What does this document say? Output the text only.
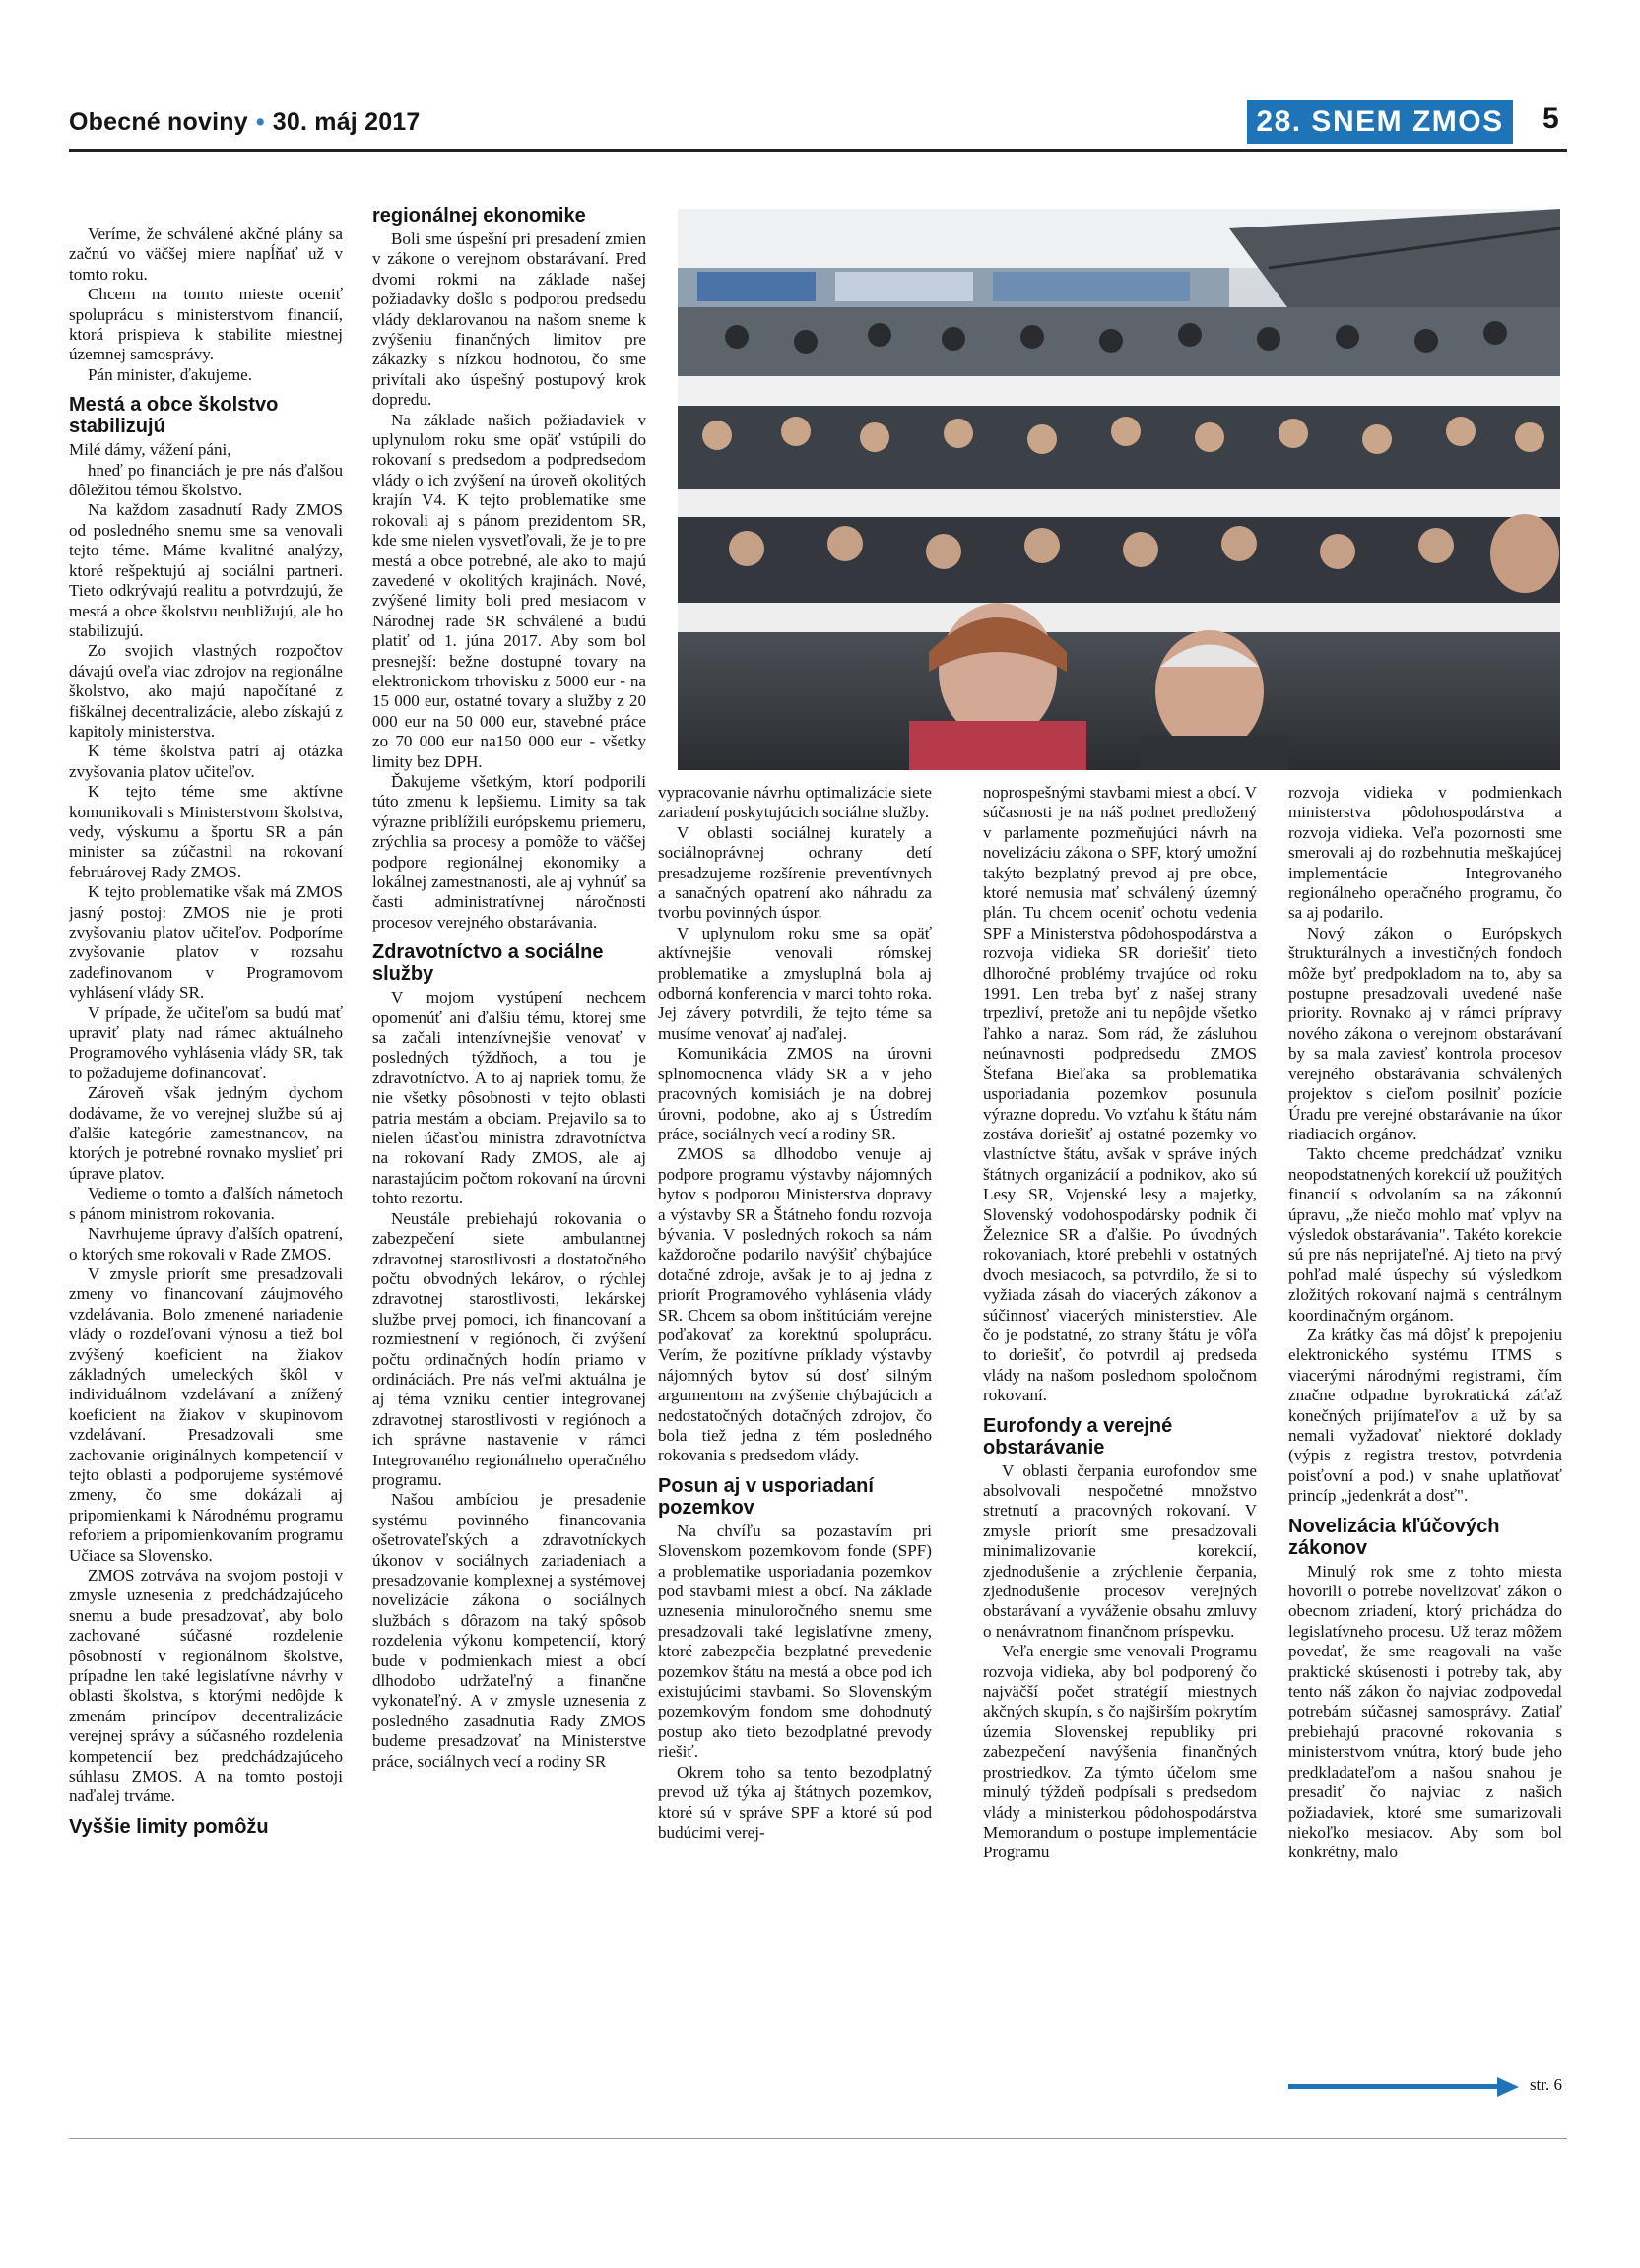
Obecné noviny • 30. máj 2017	28. SNEM ZMOS	5

Veríme, že schválené akčné plány sa začnú vo väčšej miere napĺňať už v tomto roku.

Chcem na tomto mieste oceniť spoluprácu s ministerstvom financií, ktorá prispieva k stabilite miestnej územnej samosprávy.

Pán minister, ďakujeme.

Mestá a obce školstvo stabilizujú

Milé dámy, vážení páni,

hneď po financiách je pre nás ďalšou dôležitou témou školstvo.

Na každom zasadnutí Rady ZMOS od posledného snemu sme sa venovali tejto téme. Máme kvalitné analýzy, ktoré rešpektujú aj sociálni partneri. Tieto odkrývajú realitu a potvrdzujú, že mestá a obce školstvu neubližujú, ale ho stabilizujú.

Zo svojich vlastných rozpočtov dávajú oveľa viac zdrojov na regionálne školstvo, ako majú napočítané z fiškálnej decentralizácie, alebo získajú z kapitoly ministerstva.

K téme školstva patrí aj otázka zvyšovania platov učiteľov.

K tejto téme sme aktívne komunikovali s Ministerstvom školstva, vedy, výskumu a športu SR a pán minister sa zúčastnil na rokovaní februárovej Rady ZMOS.

K tejto problematike však má ZMOS jasný postoj: ZMOS nie je proti zvyšovaniu platov učiteľov. Podporíme zvyšovanie platov v rozsahu zadefinovanom v Programovom vyhlásení vlády SR.

V prípade, že učiteľom sa budú mať upraviť platy nad rámec aktuálneho Programového vyhlásenia vlády SR, tak to požadujeme dofinancovať.

Zároveň však jedným dychom dodávame, že vo verejnej službe sú aj ďalšie kategórie zamestnancov, na ktorých je potrebné rovnako myslieť pri úprave platov.

Vedieme o tomto a ďalších námetoch s pánom ministrom rokovania.

Navrhujeme úpravy ďalších opatrení, o ktorých sme rokovali v Rade ZMOS.

V zmysle priorít sme presadzovali zmeny vo financovaní záujmového vzdelávania. Bolo zmenené nariadenie vlády o rozdeľovaní výnosu a tiež bol zvýšený koeficient na žiakov základných umeleckých škôl v individuálnom vzdelávaní a znížený koeficient na žiakov v skupinovom vzdelávaní. Presadzovali sme zachovanie originálnych kompetencií v tejto oblasti a podporujeme systémové zmeny, čo sme dokázali aj pripomienkami k Národnému programu reforiem a pripomienkovaním programu Učiace sa Slovensko.

ZMOS zotrváva na svojom postoji v zmysle uznesenia z predchádzajúceho snemu a bude presadzovať, aby bolo zachované súčasné rozdelenie pôsobností v regionálnom školstve, prípadne len také legislatívne návrhy v oblasti školstva, s ktorými nedôjde k zmenám princípov decentralizácie verejnej správy a súčasného rozdelenia kompetencií bez predchádzajúceho súhlasu ZMOS. A na tomto postoji naďalej trváme.

Vyššie limity pomôžu
regionálnej ekonomike

Boli sme úspešní pri presadení zmien v zákone o verejnom obstarávaní. Pred dvomi rokmi na základe našej požiadavky došlo s podporou predsedu vlády deklarovanou na našom sneme k zvýšeniu finančných limitov pre zákazky s nízkou hodnotou, čo sme privítali ako úspešný postupový krok dopredu.

Na základe našich požiadaviek v uplynulom roku sme opäť vstúpili do rokovaní s predsedom a podpredsedom vlády o ich zvýšení na úroveň okolitých krajín V4. K tejto problematike sme rokovali aj s pánom prezidentom SR, kde sme nielen vysvetľovali, že je to pre mestá a obce potrebné, ale ako to majú zavedené v okolitých krajinách. Nové, zvýšené limity boli pred mesiacom v Národnej rade SR schválené a budú platiť od 1. júna 2017. Aby som bol presnejší: bežne dostupné tovary na elektronickom trhovisku z 5000 eur - na 15 000 eur, ostatné tovary a služby z 20 000 eur na 50 000 eur, stavebné práce zo 70 000 eur na150 000 eur - všetky limity bez DPH.

Ďakujeme všetkým, ktorí podporili túto zmenu k lepšiemu. Limity sa tak výrazne priblížili európskemu priemeru, zrýchlia sa procesy a pomôže to väčšej podpore regionálnej ekonomiky a lokálnej zamestnanosti, ale aj vyhnúť sa časti administratívnej náročnosti procesov verejného obstarávania.

Zdravotníctvo a sociálne služby

V mojom vystúpení nechcem opomenúť ani ďalšiu tému, ktorej sme sa začali intenzívnejšie venovať v posledných týždňoch, a tou je zdravotníctvo. A to aj napriek tomu, že nie všetky pôsobnosti v tejto oblasti patria mestám a obciam. Prejavilo sa to nielen účasťou ministra zdravotníctva na rokovaní Rady ZMOS, ale aj narastajúcim počtom rokovaní na úrovni tohto rezortu.

Neustále prebiehajú rokovania o zabezpečení siete ambulantnej zdravotnej starostlivosti a dostatočného počtu obvodných lekárov, o rýchlej zdravotnej starostlivosti, lekárskej službe prvej pomoci, ich financovaní a rozmiestnení v regiónoch, či zvýšení počtu ordinačných hodín priamo v ordináciách. Pre nás veľmi aktuálna je aj téma vzniku centier integrovanej zdravotnej starostlivosti v regiónoch a ich správne nastavenie v rámci Integrovaného regionálneho operačného programu.

Našou ambíciou je presadenie systému povinného financovania ošetrovateľských a zdravotníckych úkonov v sociálnych zariadeniach a presadzovanie komplexnej a systémovej novelizácie zákona o sociálnych službách s dôrazom na taký spôsob rozdelenia výkonu kompetencií, ktorý bude v podmienkach miest a obcí dlhodobo udržateľný a finančne vykonateľný. A v zmysle uznesenia z posledného zasadnutia Rady ZMOS budeme presadzovať na Ministerstve práce, sociálnych vecí a rodiny SR

vypracovanie návrhu optimalizácie siete zariadení poskytujúcich sociálne služby.

V oblasti sociálnej kurately a sociálnoprávnej ochrany detí presadzujeme rozšírenie preventívnych a sanačných opatrení ako náhradu za tvorbu povinných úspor.

V uplynulom roku sme sa opäť aktívnejšie venovali rómskej problematike a zmysluplná bola aj odborná konferencia v marci tohto roka. Jej závery potvrdili, že tejto téme sa musíme venovať aj naďalej.

Komunikácia ZMOS na úrovni splnomocnenca vlády SR a v jeho pracovných komisiách je na dobrej úrovni, podobne, ako aj s Ústredím práce, sociálnych vecí a rodiny SR.

ZMOS sa dlhodobo venuje aj podpore programu výstavby nájomných bytov s podporou Ministerstva dopravy a výstavby SR a Štátneho fondu rozvoja bývania. V posledných rokoch sa nám každoročne podarilo navýšiť chýbajúce dotačné zdroje, avšak je to aj jedna z priorít Programového vyhlásenia vlády SR. Chcem sa obom inštitúciám verejne poďakovať za korektnú spoluprácu. Verím, že pozitívne príklady výstavby nájomných bytov sú dosť silným argumentom na zvýšenie chýbajúcich a nedostatočných dotačných zdrojov, čo bola tiež jedna z tém posledného rokovania s predsedom vlády.

Posun aj v usporiadaní pozemkov

Na chvíľu sa pozastavím pri Slovenskom pozemkovom fonde (SPF) a problematike usporiadania pozemkov pod stavbami miest a obcí. Na základe uznesenia minuloročného snemu sme presadzovali také legislatívne zmeny, ktoré zabezpečia bezplatné prevedenie pozemkov štátu na mestá a obce pod ich existujúcimi stavbami. So Slovenským pozemkovým fondom sme dohodnutý postup ako tieto bezodplatné prevody riešiť.

Okrem toho sa tento bezodplatný prevod už týka aj štátnych pozemkov, ktoré sú v správe SPF a ktoré sú pod budúcimi verej-

noprospešnými stavbami miest a obcí. V súčasnosti je na náš podnet predložený v parlamente pozmeňujúci návrh na novelizáciu zákona o SPF, ktorý umožní takýto bezplatný prevod aj pre obce, ktoré nemusia mať schválený územný plán. Tu chcem oceniť ochotu vedenia SPF a Ministerstva pôdohospodárstva a rozvoja vidieka SR doriešiť tieto dlhoročné problémy trvajúce od roku 1991. Len treba byť z našej strany trpezliví, pretože ani tu nepôjde všetko ľahko a naraz. Som rád, že zásluhou neúnavnosti podpredsedu ZMOS Štefana Bieľaka sa problematika usporiadania pozemkov posunula výrazne dopredu. Vo vzťahu k štátu nám zostáva doriešiť aj ostatné pozemky vo vlastníctve štátu, avšak v správe iných štátnych organizácií a podnikov, ako sú Lesy SR, Vojenské lesy a majetky, Slovenský vodohospodársky podnik či Železnice SR a ďalšie. Po úvodných rokovaniach, ktoré prebehli v ostatných dvoch mesiacoch, sa potvrdilo, že si to vyžiada zásah do viacerých zákonov a súčinnosť viacerých ministerstiev. Ale čo je podstatné, zo strany štátu je vôľa to doriešiť, čo potvrdil aj predseda vlády na našom poslednom spoločnom rokovaní.

Eurofondy a verejné obstarávanie

V oblasti čerpania eurofondov sme absolvovali nespočetné množstvo stretnutí a pracovných rokovaní. V zmysle priorít sme presadzovali minimalizovanie korekcií, zjednodušenie a zrýchlenie čerpania, zjednodušenie procesov verejných obstarávaní a vyváženie obsahu zmluvy o nenávratnom finančnom príspevku.

Veľa energie sme venovali Programu rozvoja vidieka, aby bol podporený čo najväčší počet stratégií miestnych akčných skupín, s čo najširším pokrytím územia Slovenskej republiky pri zabezpečení navýšenia finančných prostriedkov. Za týmto účelom sme minulý týždeň podpísali s predsedom vlády a ministerkou pôdohospodárstva Memorandum o postupe implementácie Programu

rozvoja vidieka v podmienkach ministerstva pôdohospodárstva a rozvoja vidieka. Veľa pozornosti sme smerovali aj do rozbehnutia meškajúcej implementácie Integrovaného regionálneho operačného programu, čo sa aj podarilo.

Nový zákon o Európskych štrukturálnych a investičných fondoch môže byť predpokladom na to, aby sa postupne presadzovali uvedené naše priority. Rovnako aj v rámci prípravy nového zákona o verejnom obstarávaní by sa mala zaviesť kontrola procesov verejného obstarávania schválených projektov s cieľom posilniť pozície Úradu pre verejné obstarávanie na úkor riadiacich orgánov.

Takto chceme predchádzať vzniku neopodstatnených korekcií už použitých financií s odvolaním sa na zákonnú úpravu, „že niečo mohlo mať vplyv na výsledok obstarávania". Takéto korekcie sú pre nás neprijateľné. Aj tieto na prvý pohľad malé úspechy sú výsledkom zložitých rokovaní najmä s centrálnym koordinačným orgánom.

Za krátky čas má dôjsť k prepojeniu elektronického systému ITMS s viacerými národnými registrami, čím značne odpadne byrokratická záťaž konečných prijímateľov a už by sa nemali vyžadovať niektoré doklady (výpis z registra trestov, potvrdenia poisťovní a pod.) v snahe uplatňovať princíp „jedenkrát a dosť".

Novelizácia kľúčových zákonov

Minulý rok sme z tohto miesta hovorili o potrebe novelizovať zákon o obecnom zriadení, ktorý prichádza do legislatívneho procesu. Už teraz môžem povedať, že sme reagovali na vaše praktické skúsenosti i potreby tak, aby tento náš zákon čo najviac zodpovedal potrebám súčasnej samosprávy. Zatiaľ prebiehajú pracovné rokovania s ministerstvom vnútra, ktorý bude jeho predkladateľom a našou snahou je presadiť čo najviac z našich požiadaviek, ktoré sme sumarizovali niekoľko mesiacov. Aby som bol konkrétny, malo

str. 6
